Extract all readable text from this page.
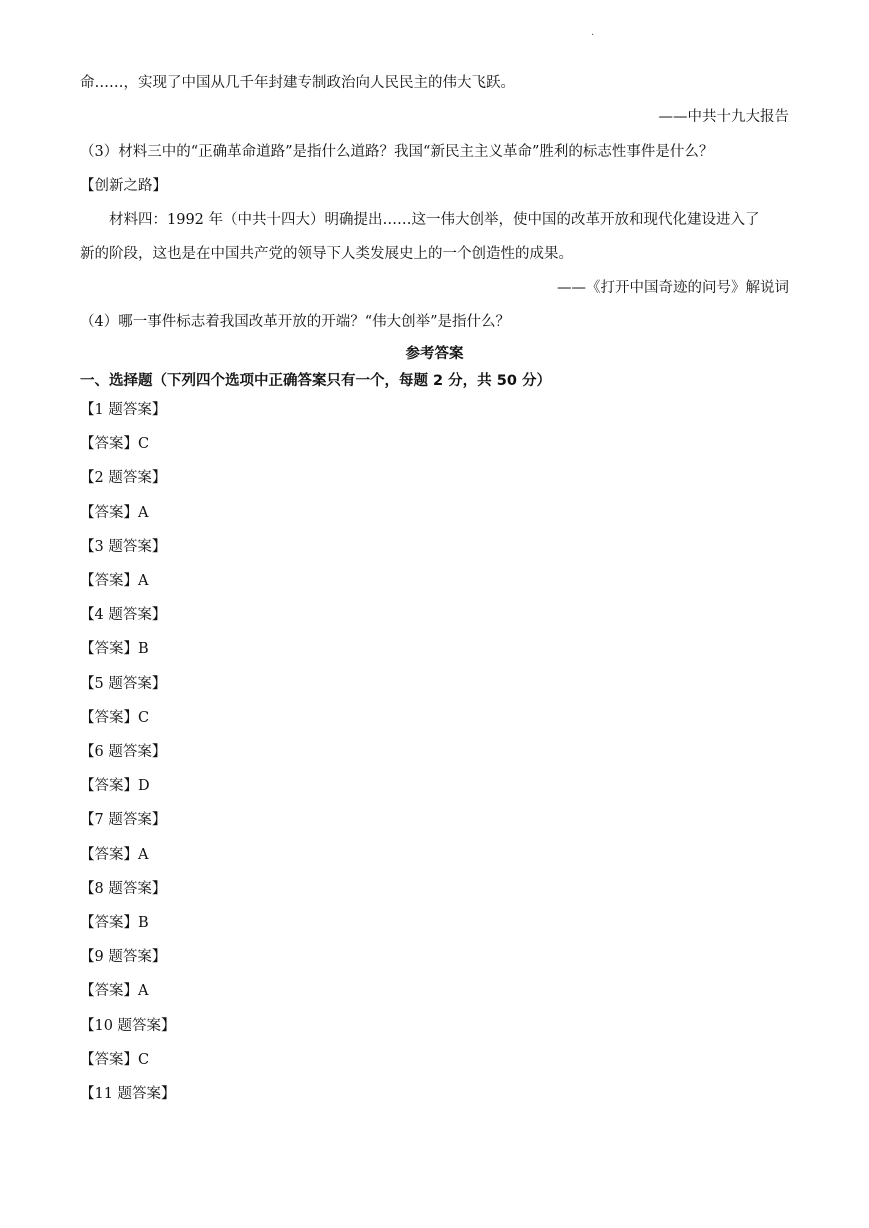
·
命……，实现了中国从几千年封建专制政治向人民民主的伟大飞跃。
——中共十九大报告
（3）材料三中的“正确革命道路”是指什么道路？我国“新民主主义革命”胜利的标志性事件是什么？
【创新之路】
材料四：1992 年（中共十四大）明确提出……这一伟大创举，使中国的改革开放和现代化建设进入了
新的阶段，这也是在中国共产党的领导下人类发展史上的一个创造性的成果。
——《打开中国奇迹的问号》解说词
（4）哪一事件标志着我国改革开放的开端？“伟大创举”是指什么？
参考答案
一、选择题（下列四个选项中正确答案只有一个，每题 2 分，共 50 分）
【1 题答案】
【答案】C
【2 题答案】
【答案】A
【3 题答案】
【答案】A
【4 题答案】
【答案】B
【5 题答案】
【答案】C
【6 题答案】
【答案】D
【7 题答案】
【答案】A
【8 题答案】
【答案】B
【9 题答案】
【答案】A
【10 题答案】
【答案】C
【11 题答案】
